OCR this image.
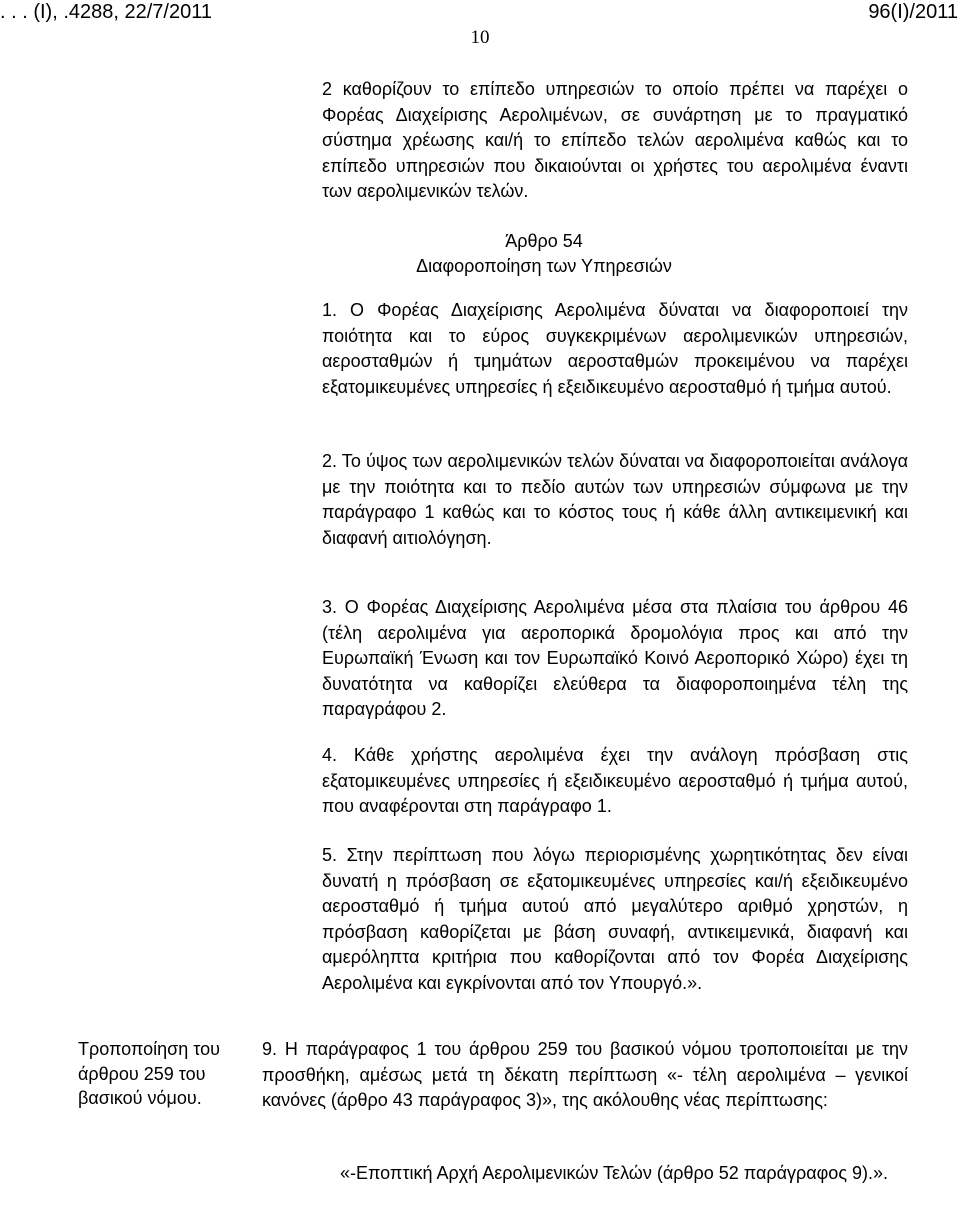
. . . (Ι), .4288, 22/7/2011	96(Ι)/2011
10

2 καθορίζουν το επίπεδο υπηρεσιών το οποίο πρέπει να παρέχει ο Φορέας Διαχείρισης Αερολιμένων, σε συνάρτηση με το πραγματικό σύστημα χρέωσης και/ή το επίπεδο τελών αερολιμένα καθώς και το επίπεδο υπηρεσιών που δικαιούνται οι χρήστες του αερολιμένα έναντι των αερολιμενικών τελών.

Άρθρο 54

Διαφοροποίηση των Υπηρεσιών

1. Ο Φορέας Διαχείρισης Αερολιμένα δύναται να διαφοροποιεί την ποιότητα και το εύρος συγκεκριμένων αερολιμενικών υπηρεσιών, αεροσταθμών ή τμημάτων αεροσταθμών προκειμένου να παρέχει εξατομικευμένες υπηρεσίες ή εξειδικευμένο αεροσταθμό ή τμήμα αυτού.

2. Το ύψος των αερολιμενικών τελών δύναται να διαφοροποιείται ανάλογα με την ποιότητα και το πεδίο αυτών των υπηρεσιών σύμφωνα με την παράγραφο 1 καθώς και το κόστος τους ή κάθε άλλη αντικειμενική και διαφανή αιτιολόγηση.

3. Ο Φορέας Διαχείρισης Αερολιμένα μέσα στα πλαίσια του άρθρου 46 (τέλη αερολιμένα για αεροπορικά δρομολόγια προς και από την Ευρωπαϊκή Ένωση και τον Ευρωπαϊκό Κοινό Αεροπορικό Χώρο) έχει τη δυνατότητα να καθορίζει ελεύθερα τα διαφοροποιημένα τέλη της παραγράφου 2.

4. Κάθε χρήστης αερολιμένα έχει την ανάλογη πρόσβαση στις εξατομικευμένες υπηρεσίες ή εξειδικευμένο αεροσταθμό ή τμήμα αυτού, που αναφέρονται στη παράγραφο 1.

5. Στην περίπτωση που λόγω περιορισμένης χωρητικότητας δεν είναι δυνατή η πρόσβαση σε εξατομικευμένες υπηρεσίες και/ή εξειδικευμένο αεροσταθμό ή τμήμα αυτού από μεγαλύτερο αριθμό χρηστών, η πρόσβαση καθορίζεται με βάση συναφή, αντικειμενικά, διαφανή και αμερόληπτα κριτήρια που καθορίζονται από τον Φορέα Διαχείρισης Αερολιμένα και εγκρίνονται από τον Υπουργό.».

Τροποποίηση του άρθρου 259 του βασικού νόμου.

9. Η παράγραφος 1 του άρθρου 259 του βασικού νόμου τροποποιείται με την προσθήκη, αμέσως μετά τη δέκατη περίπτωση «- τέλη αερολιμένα – γενικοί κανόνες (άρθρο 43 παράγραφος 3)», της ακόλουθης νέας περίπτωσης:

«-Εποπτική Αρχή Αερολιμενικών Τελών (άρθρο 52 παράγραφος 9).».
